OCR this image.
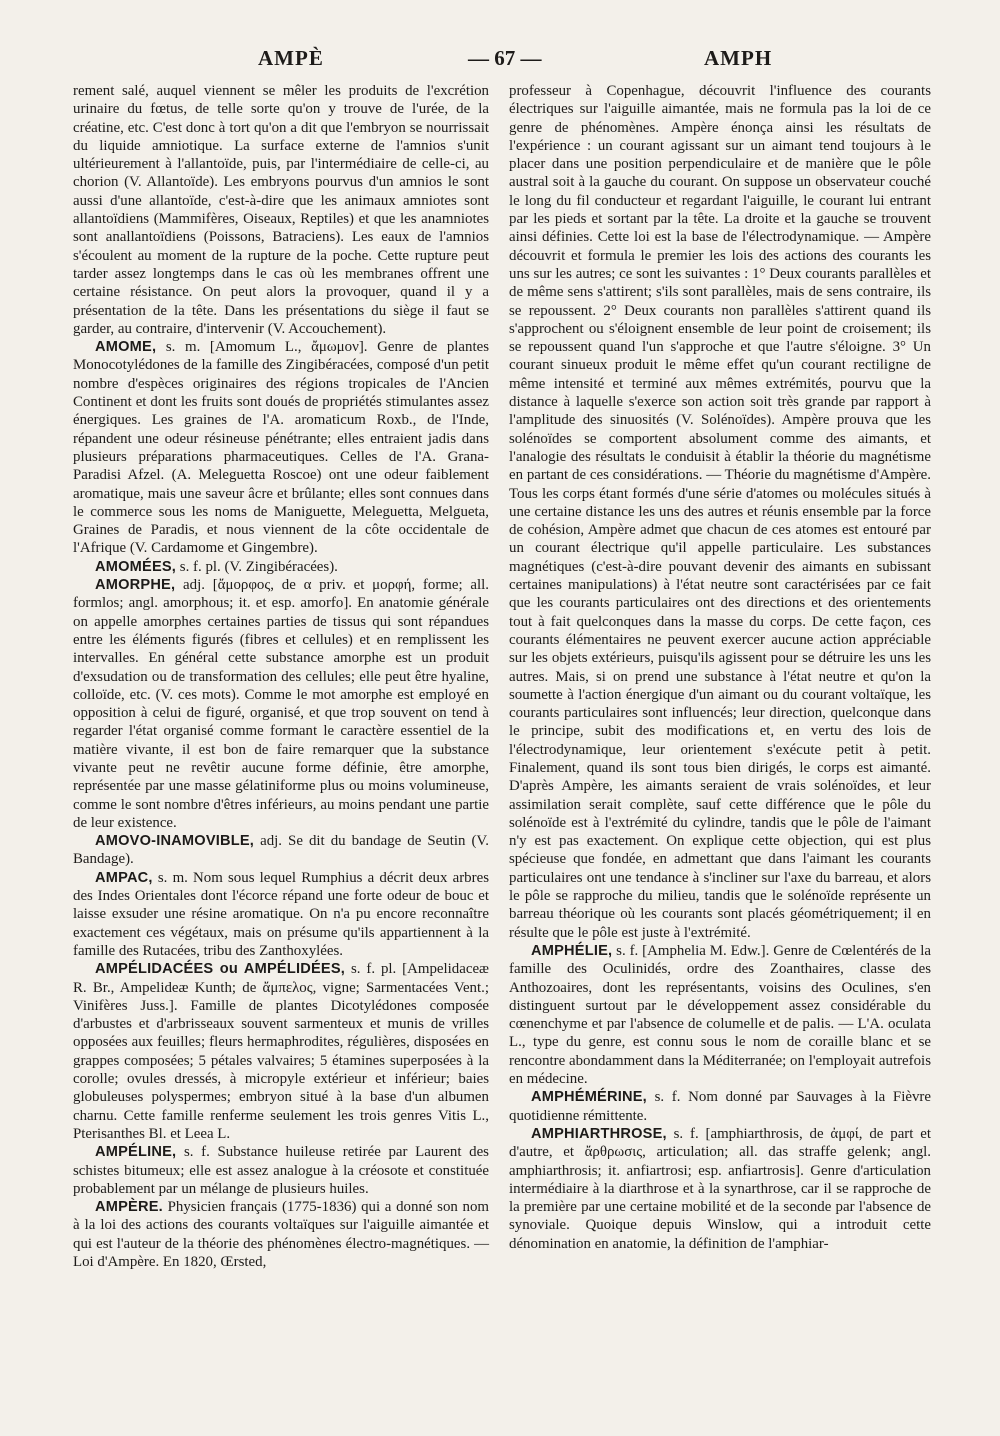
AMPÈ	— 67 —	AMPH

rement salé, auquel viennent se mêler les produits de l'excrétion urinaire du fœtus, de telle sorte qu'on y trouve de l'urée, de la créatine, etc. C'est donc à tort qu'on a dit que l'embryon se nourrissait du liquide amniotique. La surface externe de l'amnios s'unit ultérieurement à l'allantoïde, puis, par l'intermédiaire de celle-ci, au chorion (V. Allantoïde). Les embryons pourvus d'un amnios le sont aussi d'une allantoïde, c'est-à-dire que les animaux amniotes sont allantoïdiens (Mammifères, Oiseaux, Reptiles) et que les anamniotes sont anallantoïdiens (Poissons, Batraciens). Les eaux de l'amnios s'écoulent au moment de la rupture de la poche. Cette rupture peut tarder assez longtemps dans le cas où les membranes offrent une certaine résistance. On peut alors la provoquer, quand il y a présentation de la tête. Dans les présentations du siège il faut se garder, au contraire, d'intervenir (V. Accouchement).

AMOME, s. m. [Amomum L., ἄμωμον]. Genre de plantes Monocotylédones de la famille des Zingibéracées, composé d'un petit nombre d'espèces originaires des régions tropicales de l'Ancien Continent et dont les fruits sont doués de propriétés stimulantes assez énergiques. Les graines de l'A. aromaticum Roxb., de l'Inde, répandent une odeur résineuse pénétrante; elles entraient jadis dans plusieurs préparations pharmaceutiques. Celles de l'A. Grana-Paradisi Afzel. (A. Meleguetta Roscoe) ont une odeur faiblement aromatique, mais une saveur âcre et brûlante; elles sont connues dans le commerce sous les noms de Maniguette, Meleguetta, Melgueta, Graines de Paradis, et nous viennent de la côte occidentale de l'Afrique (V. Cardamome et Gingembre).

AMOMÉES, s. f. pl. (V. Zingibéracées).

AMORPHE, adj. [ἄμορφος, de α priv. et μορφή, forme; all. formlos; angl. amorphous; it. et esp. amorfo]. En anatomie générale on appelle amorphes certaines parties de tissus qui sont répandues entre les éléments figurés (fibres et cellules) et en remplissent les intervalles. En général cette substance amorphe est un produit d'exsudation ou de transformation des cellules; elle peut être hyaline, colloïde, etc. (V. ces mots). Comme le mot amorphe est employé en opposition à celui de figuré, organisé, et que trop souvent on tend à regarder l'état organisé comme formant le caractère essentiel de la matière vivante, il est bon de faire remarquer que la substance vivante peut ne revêtir aucune forme définie, être amorphe, représentée par une masse gélatiniforme plus ou moins volumineuse, comme le sont nombre d'êtres inférieurs, au moins pendant une partie de leur existence.

AMOVO-INAMOVIBLE, adj. Se dit du bandage de Seutin (V. Bandage).

AMPAC, s. m. Nom sous lequel Rumphius a décrit deux arbres des Indes Orientales dont l'écorce répand une forte odeur de bouc et laisse exsuder une résine aromatique. On n'a pu encore reconnaître exactement ces végétaux, mais on présume qu'ils appartiennent à la famille des Rutacées, tribu des Zanthoxylées.

AMPÉLIDACÉES ou AMPÉLIDÉES, s. f. pl. [Ampelidaceæ R. Br., Ampelideæ Kunth; de ἄμπελος, vigne; Sarmentacées Vent.; Vinifères Juss.]. Famille de plantes Dicotylédones composée d'arbustes et d'arbrisseaux souvent sarmenteux et munis de vrilles opposées aux feuilles; fleurs hermaphrodites, régulières, disposées en grappes composées; 5 pétales valvaires; 5 étamines superposées à la corolle; ovules dressés, à micropyle extérieur et inférieur; baies globuleuses polyspermes; embryon situé à la base d'un albumen charnu. Cette famille renferme seulement les trois genres Vitis L., Pterisanthes Bl. et Leea L.

AMPÉLINE, s. f. Substance huileuse retirée par Laurent des schistes bitumeux; elle est assez analogue à la créosote et constituée probablement par un mélange de plusieurs huiles.

AMPÈRE. Physicien français (1775-1836) qui a donné son nom à la loi des actions des courants voltaïques sur l'aiguille aimantée et qui est l'auteur de la théorie des phénomènes électro-magnétiques. — Loi d'Ampère. En 1820, Œrsted,

professeur à Copenhague, découvrit l'influence des courants électriques sur l'aiguille aimantée, mais ne formula pas la loi de ce genre de phénomènes. Ampère énonça ainsi les résultats de l'expérience : un courant agissant sur un aimant tend toujours à le placer dans une position perpendiculaire et de manière que le pôle austral soit à la gauche du courant. On suppose un observateur couché le long du fil conducteur et regardant l'aiguille, le courant lui entrant par les pieds et sortant par la tête. La droite et la gauche se trouvent ainsi définies. Cette loi est la base de l'électrodynamique. — Ampère découvrit et formula le premier les lois des actions des courants les uns sur les autres; ce sont les suivantes : 1° Deux courants parallèles et de même sens s'attirent; s'ils sont parallèles, mais de sens contraire, ils se repoussent. 2° Deux courants non parallèles s'attirent quand ils s'approchent ou s'éloignent ensemble de leur point de croisement; ils se repoussent quand l'un s'approche et que l'autre s'éloigne. 3° Un courant sinueux produit le même effet qu'un courant rectiligne de même intensité et terminé aux mêmes extrémités, pourvu que la distance à laquelle s'exerce son action soit très grande par rapport à l'amplitude des sinuosités (V. Solénoïdes). Ampère prouva que les solénoïdes se comportent absolument comme des aimants, et l'analogie des résultats le conduisit à établir la théorie du magnétisme en partant de ces considérations. — Théorie du magnétisme d'Ampère. Tous les corps étant formés d'une série d'atomes ou molécules situés à une certaine distance les uns des autres et réunis ensemble par la force de cohésion, Ampère admet que chacun de ces atomes est entouré par un courant électrique qu'il appelle particulaire. Les substances magnétiques (c'est-à-dire pouvant devenir des aimants en subissant certaines manipulations) à l'état neutre sont caractérisées par ce fait que les courants particulaires ont des directions et des orientements tout à fait quelconques dans la masse du corps. De cette façon, ces courants élémentaires ne peuvent exercer aucune action appréciable sur les objets extérieurs, puisqu'ils agissent pour se détruire les uns les autres. Mais, si on prend une substance à l'état neutre et qu'on la soumette à l'action énergique d'un aimant ou du courant voltaïque, les courants particulaires sont influencés; leur direction, quelconque dans le principe, subit des modifications et, en vertu des lois de l'électrodynamique, leur orientement s'exécute petit à petit. Finalement, quand ils sont tous bien dirigés, le corps est aimanté. D'après Ampère, les aimants seraient de vrais solénoïdes, et leur assimilation serait complète, sauf cette différence que le pôle du solénoïde est à l'extrémité du cylindre, tandis que le pôle de l'aimant n'y est pas exactement. On explique cette objection, qui est plus spécieuse que fondée, en admettant que dans l'aimant les courants particulaires ont une tendance à s'incliner sur l'axe du barreau, et alors le pôle se rapproche du milieu, tandis que le solénoïde représente un barreau théorique où les courants sont placés géométriquement; il en résulte que le pôle est juste à l'extrémité.

AMPHÉLIE, s. f. [Amphelia M. Edw.]. Genre de Cœlentérés de la famille des Oculinidés, ordre des Zoanthaires, classe des Anthozoaires, dont les représentants, voisins des Oculines, s'en distinguent surtout par le développement assez considérable du cœnenchyme et par l'absence de columelle et de palis. — L'A. oculata L., type du genre, est connu sous le nom de coraille blanc et se rencontre abondamment dans la Méditerranée; on l'employait autrefois en médecine.

AMPHÉMÉRINE, s. f. Nom donné par Sauvages à la Fièvre quotidienne rémittente.

AMPHIARTHROSE, s. f. [amphiarthrosis, de ἀμφί, de part et d'autre, et ἄρθρωσις, articulation; all. das straffe gelenk; angl. amphiarthrosis; it. anfiartrosi; esp. anfiartrosis]. Genre d'articulation intermédiaire à la diarthrose et à la synarthrose, car il se rapproche de la première par une certaine mobilité et de la seconde par l'absence de synoviale. Quoique depuis Winslow, qui a introduit cette dénomination en anatomie, la définition de l'amphiar-
